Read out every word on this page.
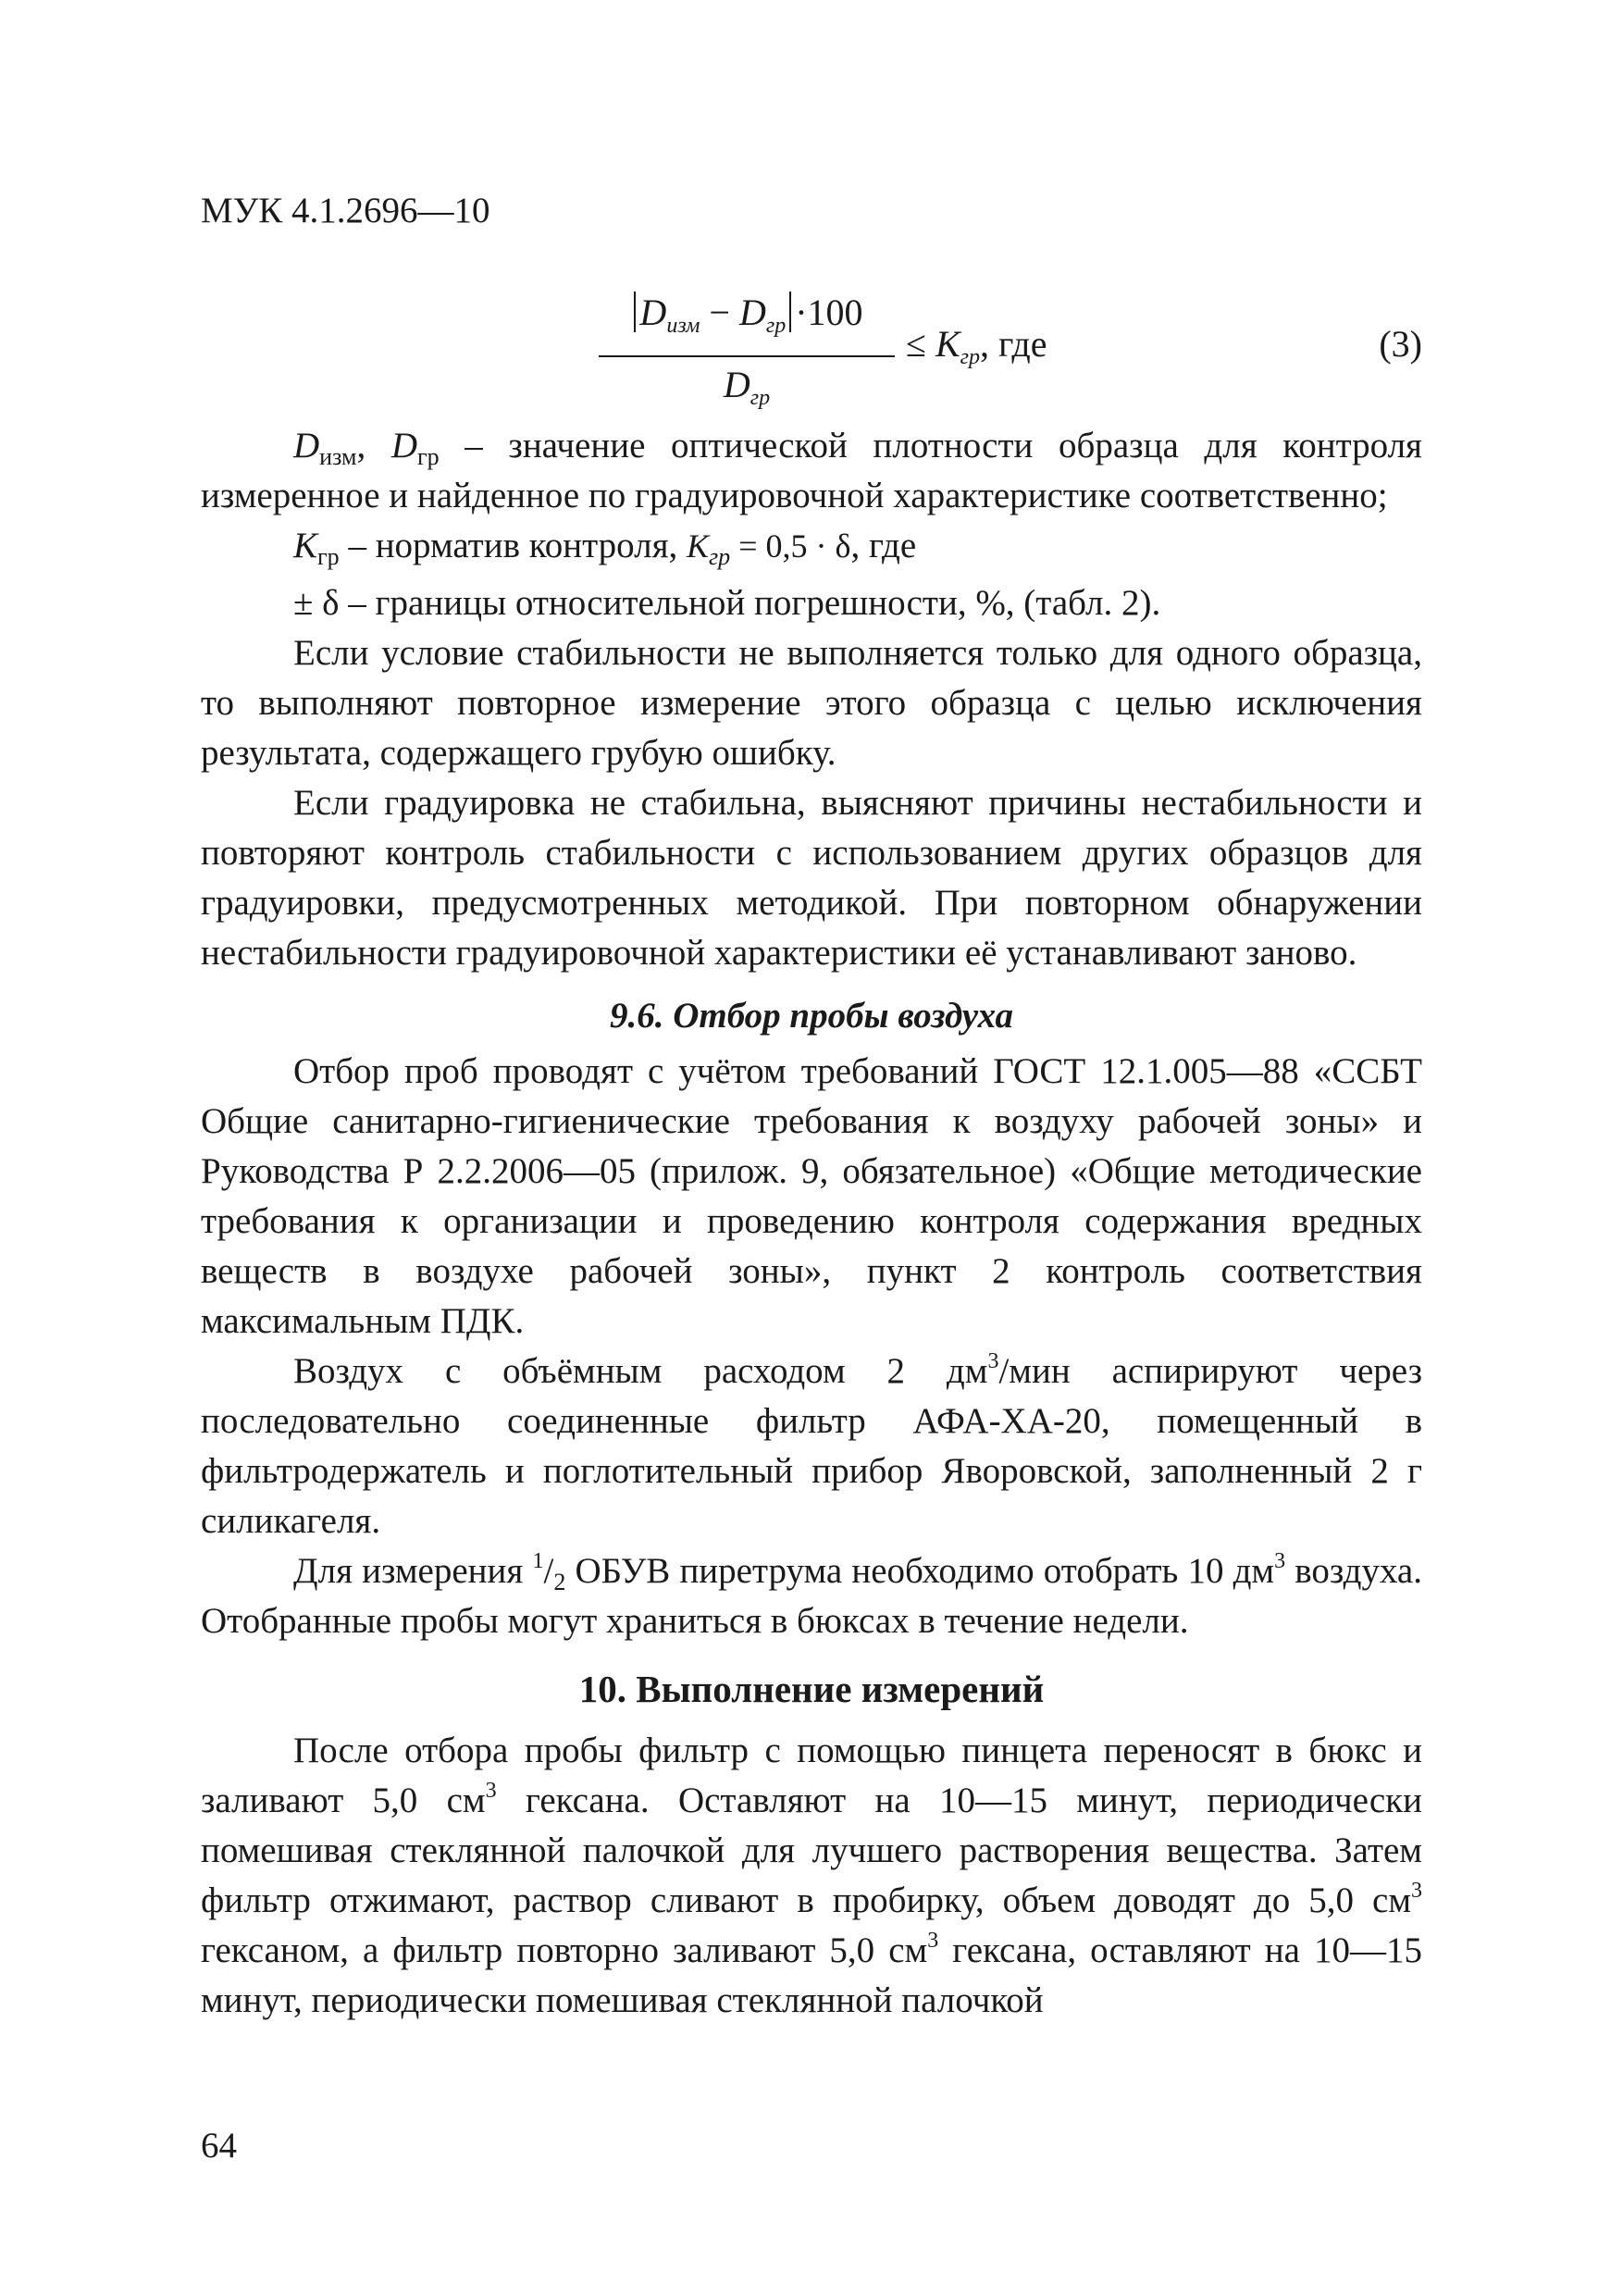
МУК 4.1.2696—10
$D_{изм} - D_{гр} \cdot 100$
$D_{гр}$
≤ $K_{гр}$, где	(3)

$D_{изм}$, $D_{гр}$ – значение оптической плотности образца для контроля измеренное и найденное по градуировочной характеристике соответственно;

$K_{гр}$ – норматив контроля, $K_{гр} = 0,5 \cdot \delta$, где

± δ – границы относительной погрешности, %, (табл. 2).

Если условие стабильности не выполняется только для одного образца, то выполняют повторное измерение этого образца с целью исключения результата, содержащего грубую ошибку.

Если градуировка не стабильна, выясняют причины нестабильности и повторяют контроль стабильности с использованием других образцов для градуировки, предусмотренных методикой. При повторном обнаружении нестабильности градуировочной характеристики её устанавливают заново.

9.6. Отбор пробы воздуха

Отбор проб проводят с учётом требований ГОСТ 12.1.005—88 «ССБТ Общие санитарно-гигиенические требования к воздуху рабочей зоны» и Руководства Р 2.2.2006—05 (прилож. 9, обязательное) «Общие методические требования к организации и проведению контроля содержания вредных веществ в воздухе рабочей зоны», пункт 2 контроль соответствия максимальным ПДК.

Воздух с объёмным расходом 2 $дм^3$/мин аспирируют через последовательно соединенные фильтр АФА-ХА-20, помещенный в фильтродержатель и поглотительный прибор Яворовской, заполненный 2 г силикагеля.

Для измерения $^1/_2$ ОБУВ пиретрума необходимо отобрать 10 $дм^3$ воздуха. Отобранные пробы могут храниться в бюксах в течение недели.

10. Выполнение измерений

После отбора пробы фильтр с помощью пинцета переносят в бюкс и заливают 5,0 $см^3$ гексана. Оставляют на 10—15 минут, периодически помешивая стеклянной палочкой для лучшего растворения вещества. Затем фильтр отжимают, раствор сливают в пробирку, объем доводят до 5,0 $см^3$ гексаном, а фильтр повторно заливают 5,0 $см^3$ гексана, оставляют на 10—15 минут, периодически помешивая стеклянной палочкой

64
